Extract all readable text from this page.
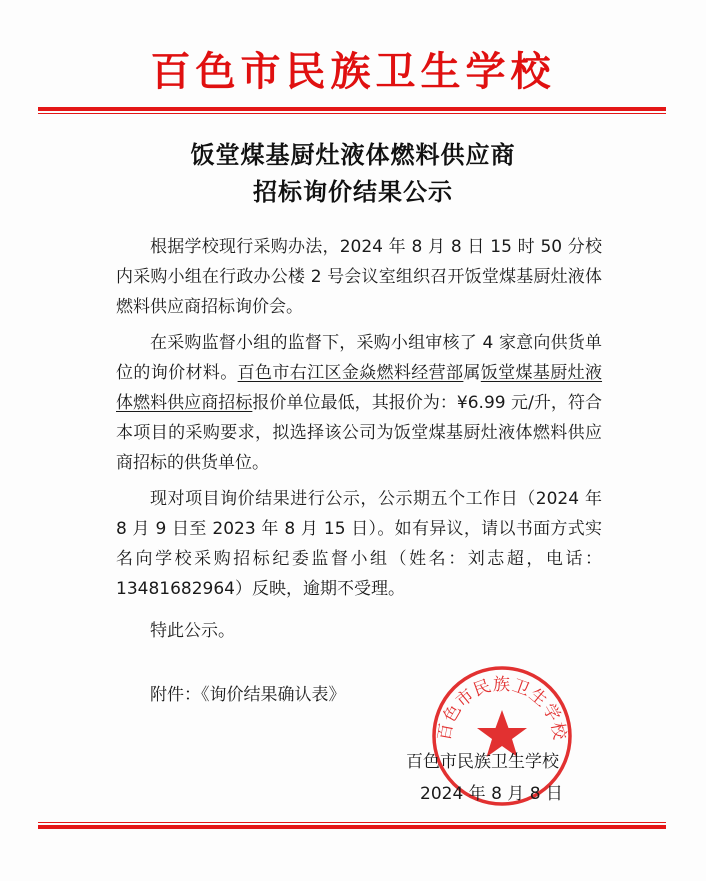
百色市民族卫生学校
饭堂煤基厨灶液体燃料供应商
招标询价结果公示

根据学校现行采购办法，2024 年 8 月 8 日 15 时 50 分校内采购小组在行政办公楼 2 号会议室组织召开饭堂煤基厨灶液体燃料供应商招标询价会。

在采购监督小组的监督下，采购小组审核了 4 家意向供货单位的询价材料。百色市右江区金焱燃料经营部属饭堂煤基厨灶液体燃料供应商招标报价单位最低，其报价为：¥6.99 元/升，符合本项目的采购要求，拟选择该公司为饭堂煤基厨灶液体燃料供应商招标的供货单位。

现对项目询价结果进行公示，公示期五个工作日（2024 年 8 月 9 日至 2023 年 8 月 15 日）。如有异议，请以书面方式实名向学校采购招标纪委监督小组（姓名：刘志超，电话：13481682964）反映，逾期不受理。

特此公示。
附件：《询价结果确认表》
百色市民族卫生学校
百色市民族卫生学校
2024 年 8 月 8 日
